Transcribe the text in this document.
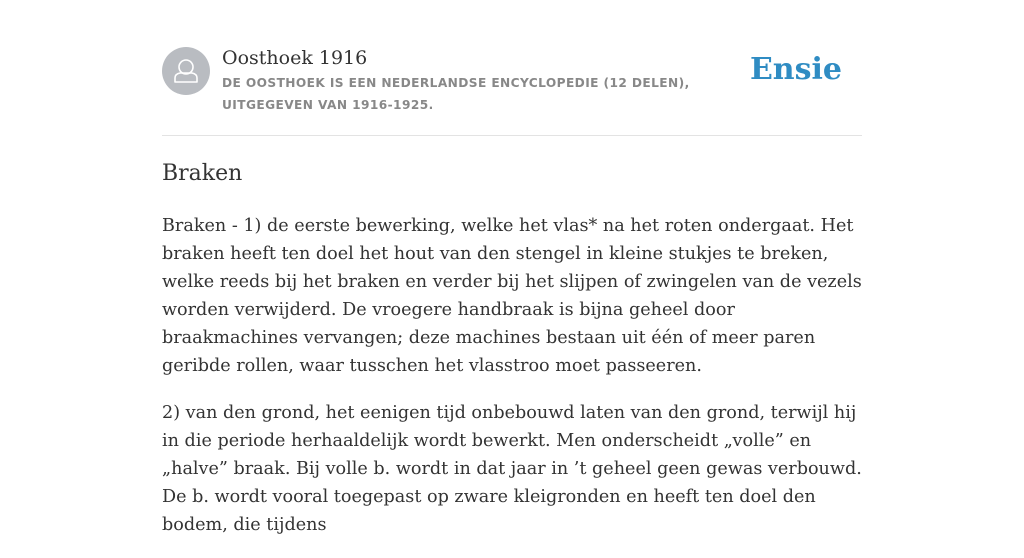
Oosthoek 1916
DE OOSTHOEK IS EEN NEDERLANDSE ENCYCLOPEDIE (12 DELEN), UITGEGEVEN VAN 1916-1925.
Ensie
Braken

Braken - 1) de eerste bewerking, welke het vlas* na het roten ondergaat. Het braken heeft ten doel het hout van den stengel in kleine stukjes te breken, welke reeds bij het braken en verder bij het slijpen of zwingelen van de vezels worden verwijderd. De vroegere handbraak is bijna geheel door braakmachines vervangen; deze machines bestaan uit één of meer paren geribde rollen, waar tusschen het vlasstroo moet passeeren.

2) van den grond, het eenigen tijd onbebouwd laten van den grond, terwijl hij in die periode herhaaldelijk wordt bewerkt. Men onderscheidt „volle” en „halve” braak. Bij volle b. wordt in dat jaar in ’t geheel geen gewas verbouwd. De b. wordt vooral toegepast op zware kleigronden en heeft ten doel den bodem, die tijdens
